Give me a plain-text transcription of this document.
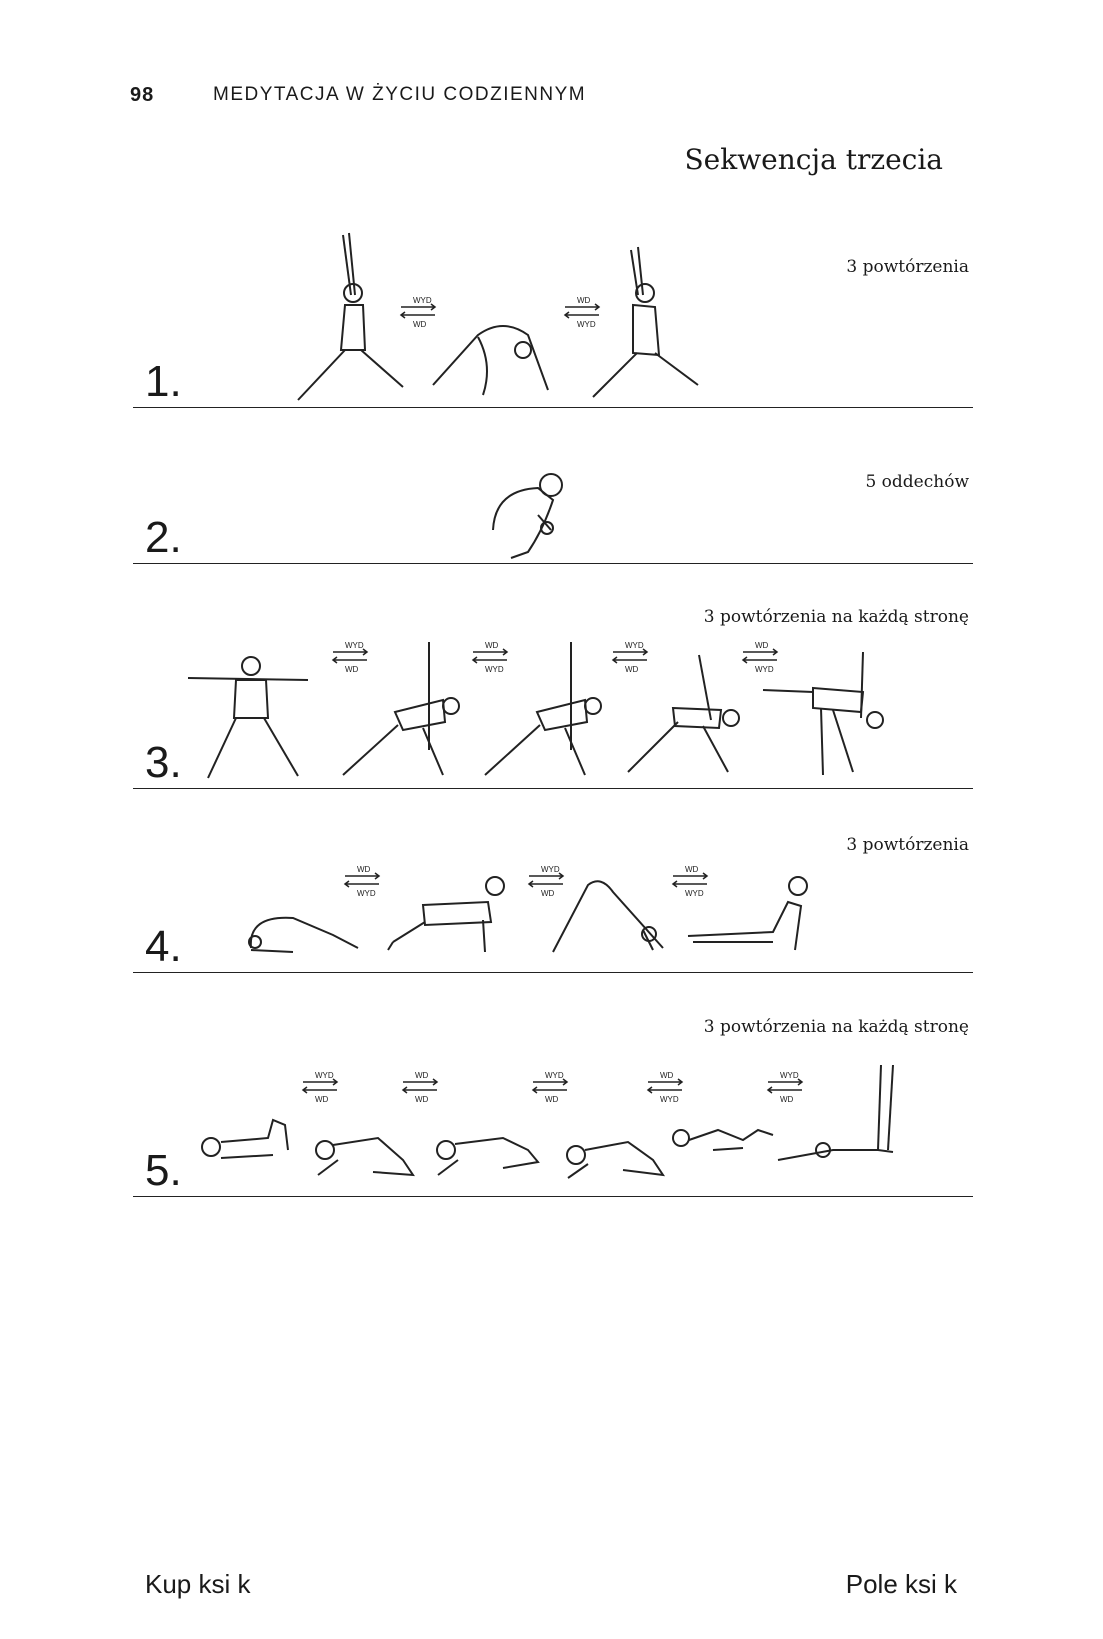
98	MEDYTACJA W ŻYCIU CODZIENNYM
Sekwencja trzecia
3 powtórzenia
WYD
WD
WD
WYD
1.
5 oddechów
2.
3 powtórzenia na każdą stronę
WYD
WD
WD
WYD
WYD
WD
WD
WYD
3.
3 powtórzenia
WD
WYD
WYD
WD
WD
WYD
4.
3 powtórzenia na każdą stronę
WYD
WD
WD
WD
WYD
WD
WD
WYD
WYD
WD
5.
Kup ksi k	Pole ksi k
